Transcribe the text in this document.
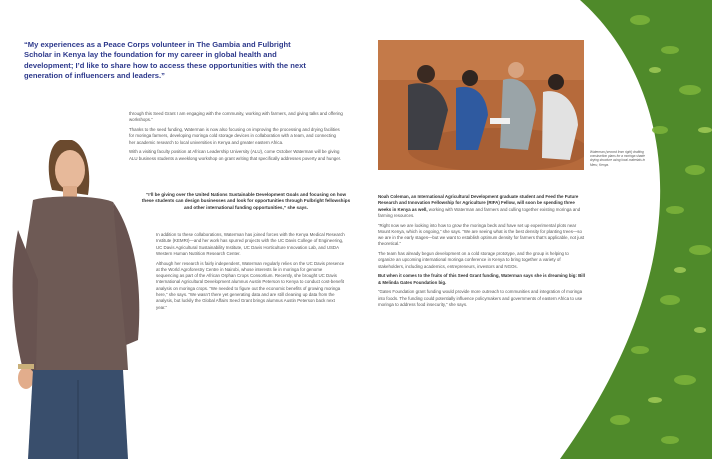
“My experiences as a Peace Corps volunteer in The Gambia and Fulbright Scholar in Kenya lay the foundation for my career in global health and development; I’d like to share how to access these opportunities with the next generation of influencers and leaders.”

through this Seed Grant I am engaging with the community, working with farmers, and giving talks and offering workshops.”

Thanks to the seed funding, Waterman is now also focusing on improving the processing and drying facilities for moringa farmers, developing moringa cold storage devices in collaboration with a team, and connecting her academic research to local universities in Kenya and greater eastern Africa.

With a visiting faculty position at African Leadership University (ALU), come October Waterman will be giving ALU business students a weeklong workshop on grant writing that specifically addresses poverty and hunger.

“I’ll be giving over the United Nations Sustainable Development Goals and focusing on how these students can design businesses and look for opportunities through Fulbright fellowships and other international funding opportunities,” she says.

In addition to these collaborations, Waterman has joined forces with the Kenya Medical Research Institute (KEMRI)—and her work has spurred projects with the UC Davis College of Engineering, UC Davis Agricultural Sustainability Institute, UC Davis Horticulture Innovation Lab, and USDA Western Human Nutrition Research Center.

Although her research is fairly independent, Waterman regularly relies on the UC Davis presence at the World Agroforestry Centre in Nairobi, whose interests lie in moringa for genome sequencing as part of the African Orphan Crops Consortium. Recently, she brought UC Davis International Agricultural Development alumnus Austin Peterson to Kenya to conduct cost-benefit analysis on moringa crops. “We needed to figure out the economic benefits of growing moringa here,” she says. “We wasn’t there yet generating data and are still cleaning up data from the analysis, but luckily the Global Affairs Seed Grant brings alumnus Austin Peterson back next year.”

Waterman (second from right) drafting construction plans for a moringa shade drying structure using local materials in Meru, Kenya.

Noah Coleman, an International Agricultural Development graduate student and Feed the Future Research and Innovation Fellowship for Agriculture (RIFA) Fellow, will soon be spending three weeks in Kenya as well, working with Waterman and farmers and culling together existing moringa and farming resources.

“Right now we are looking into how to grow the moringa beds and have set up experimental plots near Mount Kenya, which is ongoing,” she says. “We are seeing what is the best density for planting trees—so we are in the early stages—but we want to establish optimum density for farmers that’s applicable, not just theoretical.”

The team has already begun development on a cold storage prototype, and the group is helping to organize an upcoming international moringa conference in Kenya to bring together a variety of stakeholders, including academics, entrepreneurs, investors and NGOs.

But when it comes to the fruits of this Seed Grant funding, Waterman says she is dreaming big: Bill & Melinda Gates Foundation big.

“Gates Foundation grant funding would provide more outreach to communities and integration of moringa into foods. The funding could potentially influence policymakers and governments of eastern Africa to use moringa to address food insecurity,” she says.
